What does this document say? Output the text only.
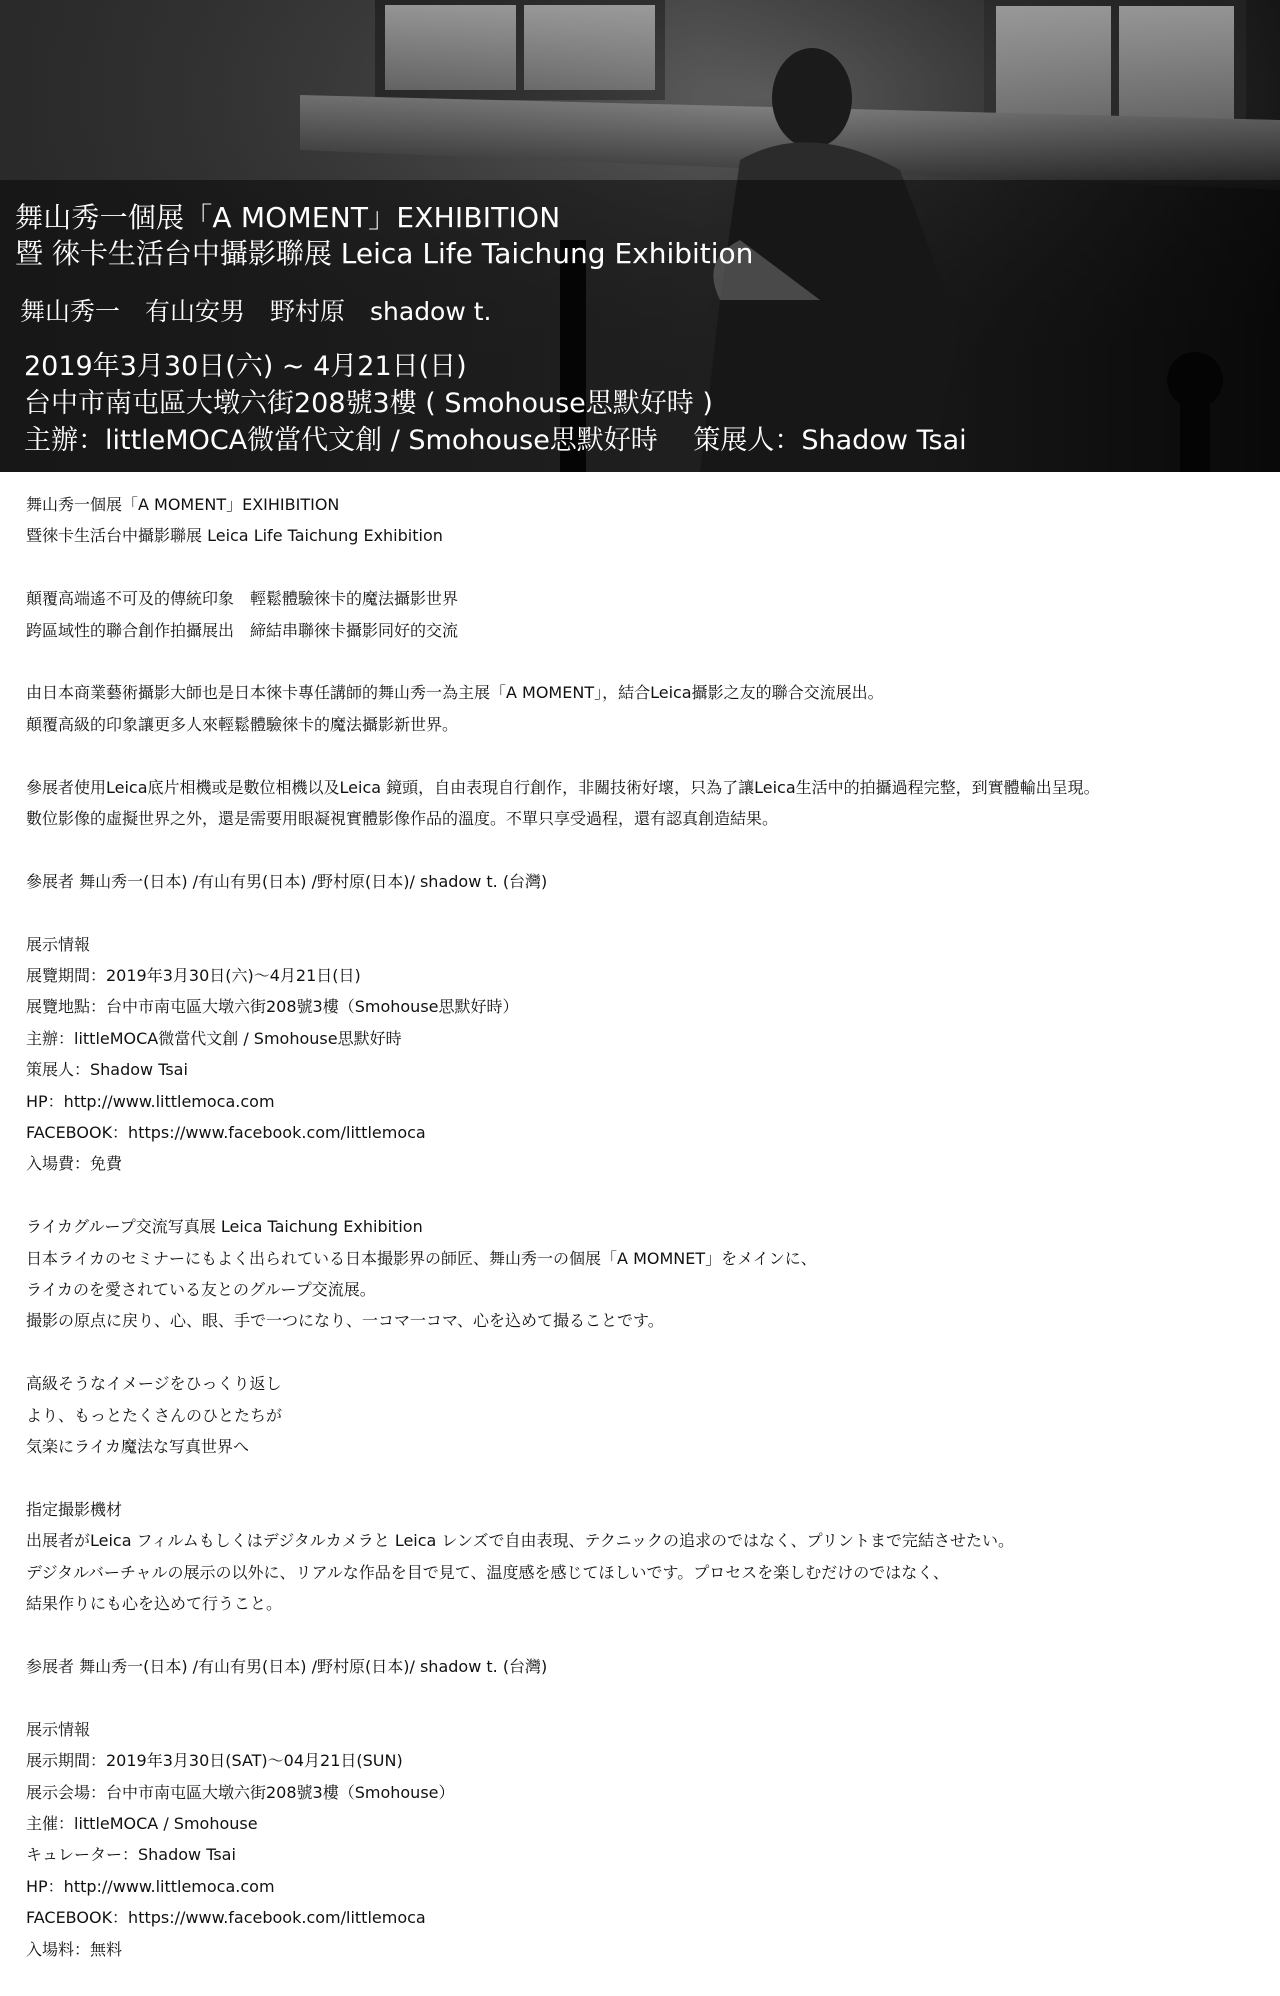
舞山秀一個展「A MOMENT」EXHIBITION
暨 徠卡生活台中攝影聯展 Leica Life Taichung Exhibition
舞山秀一　有山安男　野村原　shadow t.
2019年3月30日(六) ~ 4月21日(日)
台中市南屯區大墩六街208號3樓 ( Smohouse思默好時 )
主辦：littleMOCA微當代文創 / Smohouse思默好時　 策展人：Shadow Tsai
舞山秀一個展「A MOMENT」EXIHIBITION
暨徠卡生活台中攝影聯展 Leica Life Taichung Exhibition
顛覆高端遙不可及的傳統印象　輕鬆體驗徠卡的魔法攝影世界
跨區域性的聯合創作拍攝展出　締結串聯徠卡攝影同好的交流
由日本商業藝術攝影大師也是日本徠卡專任講師的舞山秀一為主展「A MOMENT」，結合Leica攝影之友的聯合交流展出。
顛覆高級的印象讓更多人來輕鬆體驗徠卡的魔法攝影新世界。
參展者使用Leica底片相機或是數位相機以及Leica 鏡頭，自由表現自行創作，非關技術好壞，只為了讓Leica生活中的拍攝過程完整，到實體輸出呈現。
數位影像的虛擬世界之外，還是需要用眼凝視實體影像作品的溫度。不單只享受過程，還有認真創造結果。
參展者 舞山秀一(日本) /有山有男(日本) /野村原(日本)/ shadow t. (台灣)
展示情報
展覽期間：2019年3月30日(六)～4月21日(日)
展覽地點：台中市南屯區大墩六街208號3樓（Smohouse思默好時）
主辦：littleMOCA微當代文創 / Smohouse思默好時
策展人：Shadow Tsai
HP：http://www.littlemoca.com
FACEBOOK：https://www.facebook.com/littlemoca
入場費：免費
ライカグループ交流写真展 Leica Taichung Exhibition
日本ライカのセミナーにもよく出られている日本撮影界の師匠、舞山秀一の個展「A MOMNET」をメインに、
ライカのを愛されている友とのグループ交流展。
撮影の原点に戻り、心、眼、手で一つになり、一コマ一コマ、心を込めて撮ることです。
高級そうなイメージをひっくり返し
より、もっとたくさんのひとたちが
気楽にライカ魔法な写真世界へ
指定撮影機材
出展者がLeica フィルムもしくはデジタルカメラと Leica レンズで自由表現、テクニックの追求のではなく、プリントまで完結させたい。
デジタルバーチャルの展示の以外に、リアルな作品を目で見て、温度感を感じてほしいです。プロセスを楽しむだけのではなく、
結果作りにも心を込めて行うこと。
参展者 舞山秀一(日本) /有山有男(日本) /野村原(日本)/ shadow t. (台灣)
展示情報
展示期間：2019年3月30日(SAT)～04月21日(SUN)
展示会場：台中市南屯區大墩六街208號3樓（Smohouse）
主催：littleMOCA / Smohouse
キュレーター：Shadow Tsai
HP：http://www.littlemoca.com
FACEBOOK：https://www.facebook.com/littlemoca
入場料：無料
